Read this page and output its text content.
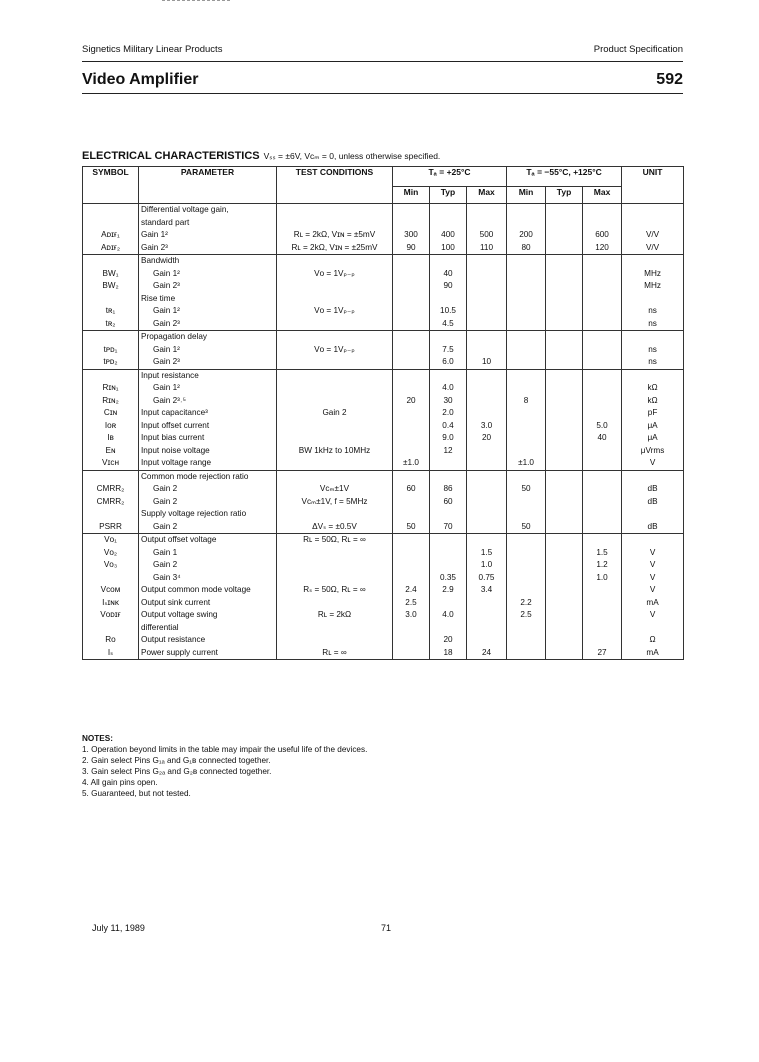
Signetics Military Linear Products	Product Specification
Video Amplifier	592
ELECTRICAL CHARACTERISTICS Vₛₛ = ±6V, Vᴄₘ = 0, unless otherwise specified.
SYMBOL	PARAMETER	TEST CONDITIONS	Tₐ = +25°C			Tₐ = −55°C, +125°C			UNIT
			Min	Typ	Max	Min	Typ	Max	
	Differential voltage gain,								
	standard part								
Aᴅɪғ₁	Gain 1²	Rʟ = 2kΩ, Vɪɴ = ±5mV	300	400	500	200		600	V/V
Aᴅɪғ₂	Gain 2³	Rʟ = 2kΩ, Vɪɴ = ±25mV	90	100	110	80		120	V/V
	Bandwidth								
BW₁	Gain 1²	Vᴏ = 1Vₚ₋ₚ		40					MHz
BW₂	Gain 2³			90					MHz
	Rise time								
tʀ₁	Gain 1²	Vᴏ = 1Vₚ₋ₚ		10.5					ns
tʀ₂	Gain 2³			4.5					ns
	Propagation delay								
tᴘᴅ₁	Gain 1²	Vᴏ = 1Vₚ₋ₚ		7.5					ns
tᴘᴅ₂	Gain 2³			6.0	10				ns
	Input resistance								
Rɪɴ₁	Gain 1²			4.0					kΩ
Rɪɴ₂	Gain 2³˒⁵		20	30		8			kΩ
Cɪɴ	Input capacitance³	Gain 2		2.0					pF
Iᴏʀ	Input offset current			0.4	3.0			5.0	μA
Iʙ	Input bias current			9.0	20			40	μA
Eɴ	Input noise voltage	BW 1kHz to 10MHz		12					μVrms
Vɪᴄʜ	Input voltage range		±1.0			±1.0			V
	Common mode rejection ratio								
CMRR₂	Gain 2	Vᴄₘ±1V	60	86		50			dB
CMRR₂	Gain 2	Vᴄₘ±1V, f = 5MHz		60					dB
	Supply voltage rejection ratio								
PSRR	Gain 2	ΔVₛ = ±0.5V	50	70		50			dB
Vᴏ₁	Output offset voltage	Rʟ = 50Ω, Rʟ = ∞							
Vᴏ₂	Gain 1				1.5			1.5	V
Vᴏ₃	Gain 2				1.0			1.2	V
	Gain 3⁴			0.35	0.75			1.0	V
Vᴄᴏᴍ	Output common mode voltage	Rₛ = 50Ω, Rʟ = ∞	2.4	2.9	3.4				V
Iₛɪɴᴋ	Output sink current		2.5			2.2			mA
Vᴏᴅɪғ	Output voltage swing	Rʟ = 2kΩ	3.0	4.0		2.5			V
	differential								
Rᴏ	Output resistance			20					Ω
Iₛ	Power supply current	Rʟ = ∞		18	24			27	mA
NOTES:
1. Operation beyond limits in the table may impair the useful life of the devices.
2. Gain select Pins G₁ₐ and G₁ʙ connected together.
3. Gain select Pins G₂ₐ and G₂ʙ connected together.
4. All gain pins open.
5. Guaranteed, but not tested.
July 11, 1989	71
